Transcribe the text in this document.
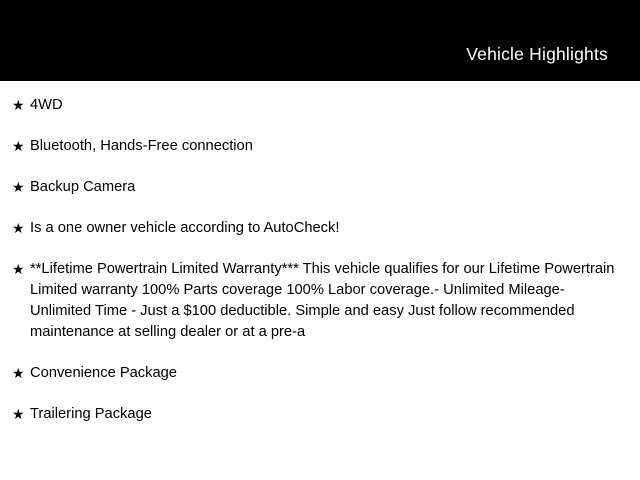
Vehicle Highlights
★ 4WD
★ Bluetooth, Hands-Free connection
★ Backup Camera
★ Is a one owner vehicle according to AutoCheck!
★ **Lifetime Powertrain Limited Warranty*** This vehicle qualifies for our Lifetime Powertrain Limited warranty 100% Parts coverage 100% Labor coverage.- Unlimited Mileage- Unlimited Time - Just a $100 deductible. Simple and easy Just follow recommended maintenance at selling dealer or at a pre-a
★ Convenience Package
★ Trailering Package
